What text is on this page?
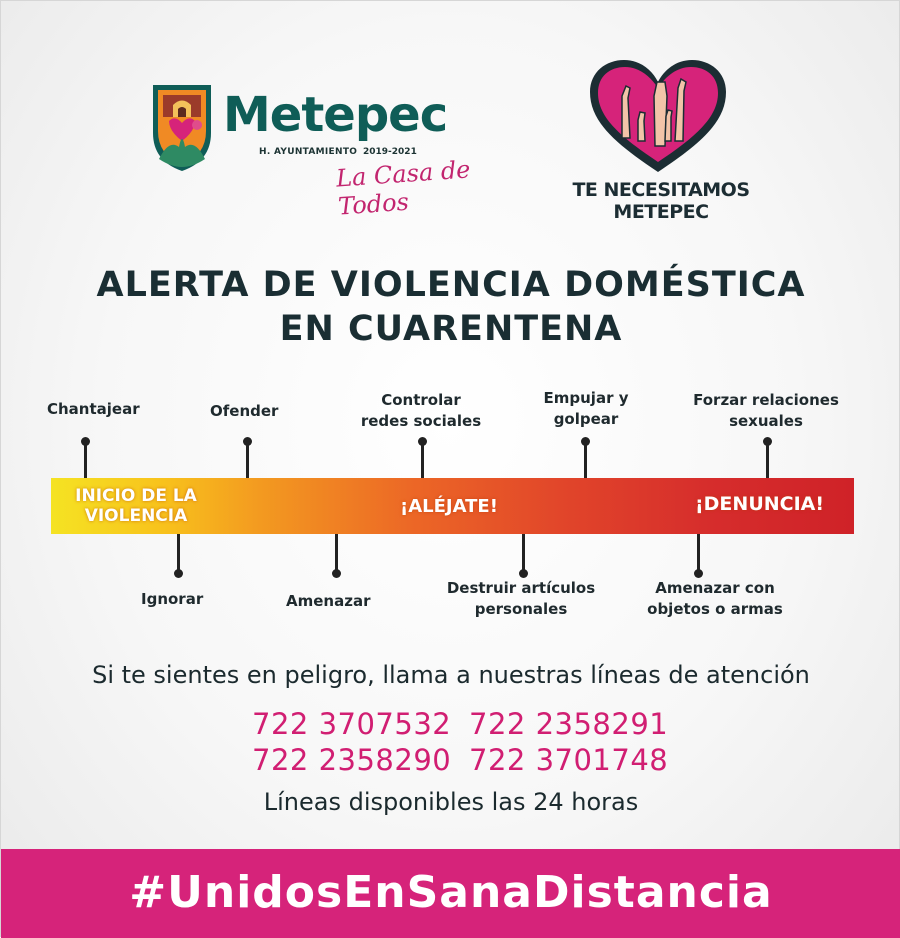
Metepec
H. AYUNTAMIENTO 2019-2021
La Casa de Todos	TE NECESITAMOS
METEPEC
ALERTA DE VIOLENCIA DOMÉSTICA
EN CUARENTENA
Chantajear	Ofender
Controlar
redes sociales
Empujar y
golpear
Forzar relaciones
sexuales
INICIO DE LA
VIOLENCIA	¡ALÉJATE!	¡DENUNCIA!
Ignorar	Amenazar
Destruir artículos
personales
Amenazar con
objetos o armas
Si te sientes en peligro, llama a nuestras líneas de atención
722 3707532 722 2358291
722 2358290 722 3701748
Líneas disponibles las 24 horas
#UnidosEnSanaDistancia
